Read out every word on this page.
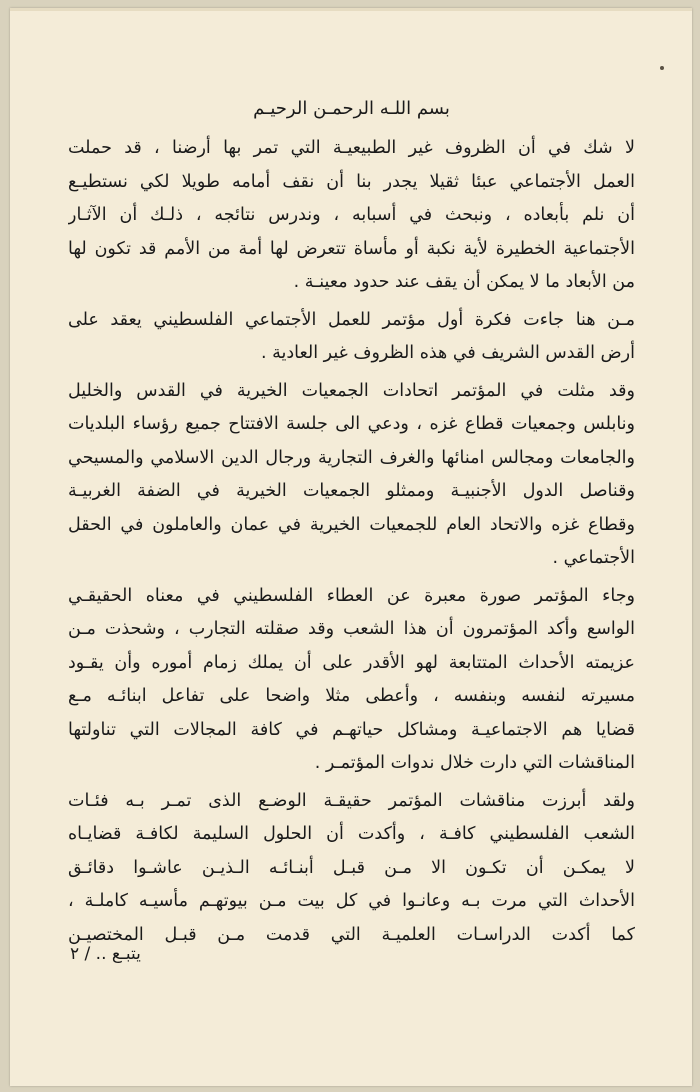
بسم اللـه الرحمـن الرحيـم
لا شك في أن الظروف غير الطبيعيـة التي تمر بها أرضنا ، قد حملت
العمل الأجتماعي عبئا ثقيلا يجدر بنا أن نقف أمامه طويلا لكي نستطيـع
أن نلم بأبعاده ، ونبحث في أسبابه ، وندرس نتائجه ، ذلـك أن الآثـار
الأجتماعية الخطيرة لأية نكبة أو مأساة تتعرض لها أمة من الأمم قد تكون لها
من الأبعاد ما لا يمكن أن يقف عند حدود معينـة .
مـن هنا جاءت فكرة أول مؤتمر للعمل الأجتماعي الفلسطيني يعقد على
أرض القدس الشريف في هذه الظروف غير العادية .
وقد مثلت في المؤتمر اتحادات الجمعيات الخيرية في القدس والخليل
ونابلس وجمعيات قطاع غزه ، ودعي الى جلسة الافتتاح جميع رؤساء البلديات
والجامعات ومجالس امنائها والغرف التجارية ورجال الدين الاسلامي والمسيحي
وقناصل الدول الأجنبيـة وممثلو الجمعيات الخيرية في الضفة الغربيـة
وقطاع غزه والاتحاد العام للجمعيات الخيرية في عمان والعاملون في الحقل
الأجتماعي .
وجاء المؤتمر صورة معبرة عن العطاء الفلسطيني في معناه الحقيقـي
الواسع وأكد المؤتمرون أن هذا الشعب وقد صقلته التجارب ، وشحذت مـن
عزيمته الأحداث المتتابعة لهو الأقدر على أن يملك زمام أموره وأن يقـود
مسيرته لنفسه وبنفسه ، وأعطى مثلا واضحا على تفاعل ابنائـه مـع
قضايا هم الاجتماعيـة ومشاكل حياتهـم في كافة المجالات التي تناولتها
المناقشات التي دارت خلال ندوات المؤتمـر .
ولقد أبرزت مناقشات المؤتمر حقيقـة الوضـع الذى تمـر بـه فئـات
الشعب الفلسطيني كافـة ، وأكدت أن الحلول السليمة لكافـة قضايـاه
لا يمكـن أن تكـون الا مـن قبـل أبنـائـه الـذيـن عاشـوا دقائـق
الأحداث التي مرت بـه وعانـوا في كل بيت مـن بيوتهـم مأسيـه كاملـة ،
كما أكدت الدراسـات العلميـة التي قدمت مـن قبـل المختصيـن
يتبـع .. / ٢
